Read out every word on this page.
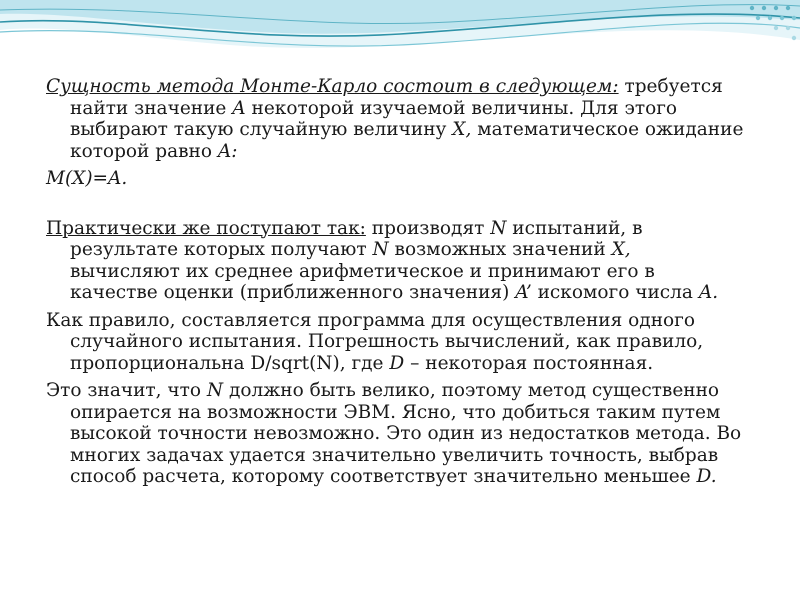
Сущность метода Монте-Карло состоит в следующем: требуется найти значение A некоторой изучаемой величины. Для этого выбирают такую случайную величину X, математическое ожидание которой равно A:

M(X)=A.

Практически же поступают так: производят N испытаний, в результате которых получают N возможных значений X, вычисляют их среднее арифметическое и принимают его в качестве оценки (приближенного значения) A’ искомого числа A.

Как правило, составляется программа для осуществления одного случайного испытания. Погрешность вычислений, как правило, пропорциональна D/sqrt(N), где D – некоторая постоянная.

Это значит, что N должно быть велико, поэтому метод существенно опирается на возможности ЭВМ. Ясно, что добиться таким путем высокой точности невозможно. Это один из недостатков метода. Во многих задачах удается значительно увеличить точность, выбрав способ расчета, которому соответствует значительно меньшее D.
